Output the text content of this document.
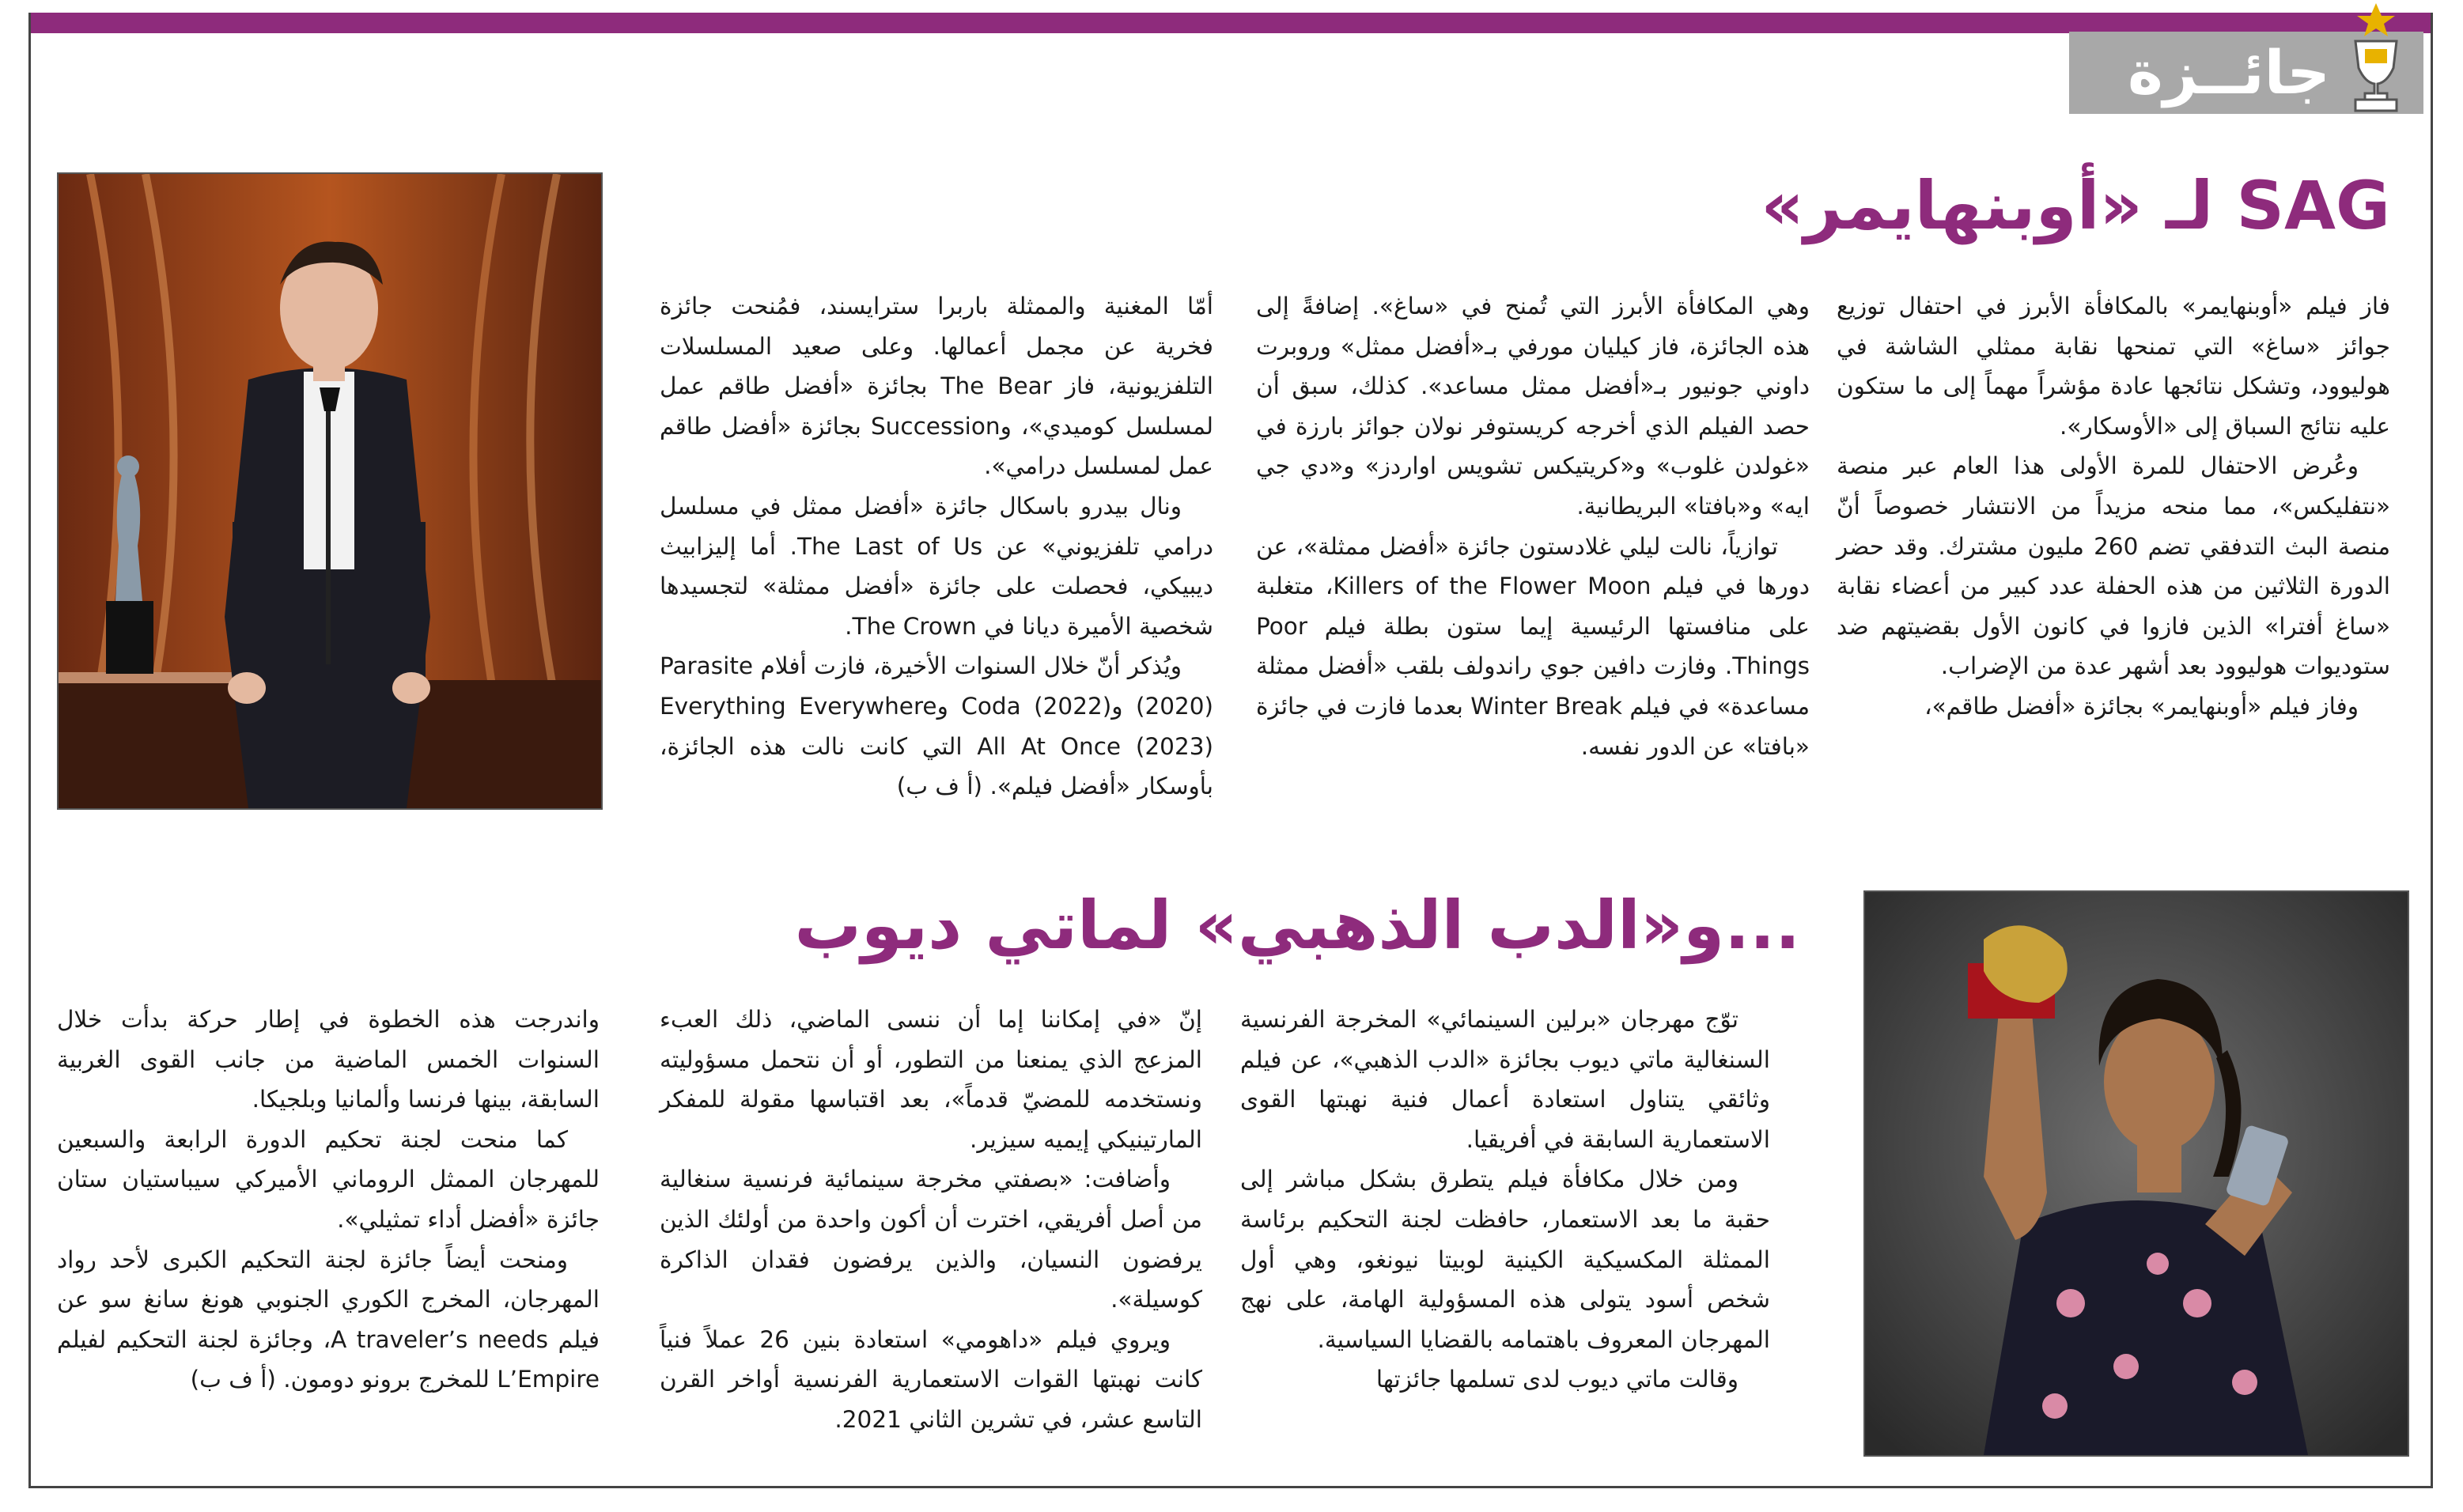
جائــزة
SAG لـ «أوبنهايمر»

فاز فيلم «أوبنهايمر» بالمكافأة الأبرز في احتفال توزيع جوائز «ساغ» التي تمنحها نقابة ممثلي الشاشة في هوليوود، وتشكل نتائجها عادة مؤشراً مهماً إلى ما ستكون عليه نتائج السباق إلى «الأوسكار».

وعُرض الاحتفال للمرة الأولى هذا العام عبر منصة «نتفليكس»، مما منحه مزيداً من الانتشار خصوصاً أنّ منصة البث التدفقي تضم 260 مليون مشترك. وقد حضر الدورة الثلاثين من هذه الحفلة عدد كبير من أعضاء نقابة «ساغ أفترا» الذين فازوا في كانون الأول بقضيتهم ضد ستوديوات هوليوود بعد أشهر عدة من الإضراب.

وفاز فيلم «أوبنهايمر» بجائزة «أفضل طاقم»،

وهي المكافأة الأبرز التي تُمنح في «ساغ». إضافةً إلى هذه الجائزة، فاز كيليان مورفي بـ«أفضل ممثل» وروبرت داوني جونيور بـ«أفضل ممثل مساعد». كذلك، سبق أن حصد الفيلم الذي أخرجه كريستوفر نولان جوائز بارزة في «غولدن غلوب» و«كريتيكس تشويس اواردز» و«دي جي ايه» و«بافتا» البريطانية.

توازياً، نالت ليلي غلادستون جائزة «أفضل ممثلة»، عن دورها في فيلم Killers of the Flower Moon، متغلبة على منافستها الرئيسية إيما ستون بطلة فيلم Poor Things. وفازت دافين جوي راندولف بلقب «أفضل ممثلة مساعدة» في فيلم Winter Break بعدما فازت في جائزة «بافتا» عن الدور نفسه.

أمّا المغنية والممثلة باربرا سترايسند، فمُنحت جائزة فخرية عن مجمل أعمالها. وعلى صعيد المسلسلات التلفزيونية، فاز The Bear بجائزة «أفضل طاقم عمل لمسلسل كوميدي»، وSuccession بجائزة «أفضل طاقم عمل لمسلسل درامي».

ونال بيدرو باسكال جائزة «أفضل ممثل في مسلسل درامي تلفزيوني» عن The Last of Us. أما إليزابيث ديبيكي، فحصلت على جائزة «أفضل ممثلة» لتجسيدها شخصية الأميرة ديانا في The Crown.

ويُذكر أنّ خلال السنوات الأخيرة، فازت أفلام Parasite (2020) وCoda (2022) وEverything Everywhere All At Once (2023) التي كانت نالت هذه الجائزة، بأوسكار «أفضل فيلم». (أ ف ب)

...و«الدب الذهبي» لماتي ديوب

توّج مهرجان «برلين السينمائي» المخرجة الفرنسية السنغالية ماتي ديوب بجائزة «الدب الذهبي»، عن فيلم وثائقي يتناول استعادة أعمال فنية نهبتها القوى الاستعمارية السابقة في أفريقيا.

ومن خلال مكافأة فيلم يتطرق بشكل مباشر إلى حقبة ما بعد الاستعمار، حافظت لجنة التحكيم برئاسة الممثلة المكسيكية الكينية لوبيتا نيونغو، وهي أول شخص أسود يتولى هذه المسؤولية الهامة، على نهج المهرجان المعروف باهتمامه بالقضايا السياسية.

وقالت ماتي ديوب لدى تسلمها جائزتها

إنّ «في إمكاننا إما أن ننسى الماضي، ذلك العبء المزعج الذي يمنعنا من التطور، أو أن نتحمل مسؤوليته ونستخدمه للمضيّ قدماً»، بعد اقتباسها مقولة للمفكر المارتينيكي إيميه سيزير.

وأضافت: «بصفتي مخرجة سينمائية فرنسية سنغالية من أصل أفريقي، اخترت أن أكون واحدة من أولئك الذين يرفضون النسيان، والذين يرفضون فقدان الذاكرة كوسيلة».

ويروي فيلم «داهومي» استعادة بنين 26 عملاً فنياً كانت نهبتها القوات الاستعمارية الفرنسية أواخر القرن التاسع عشر، في تشرين الثاني 2021.

واندرجت هذه الخطوة في إطار حركة بدأت خلال السنوات الخمس الماضية من جانب القوى الغربية السابقة، بينها فرنسا وألمانيا وبلجيكا.

كما منحت لجنة تحكيم الدورة الرابعة والسبعين للمهرجان الممثل الروماني الأميركي سيباستيان ستان جائزة «أفضل أداء تمثيلي».

ومنحت أيضاً جائزة لجنة التحكيم الكبرى لأحد رواد المهرجان، المخرج الكوري الجنوبي هونغ سانغ سو عن فيلم A traveler’s needs، وجائزة لجنة التحكيم لفيلم L’Empire للمخرج برونو دومون. (أ ف ب)
